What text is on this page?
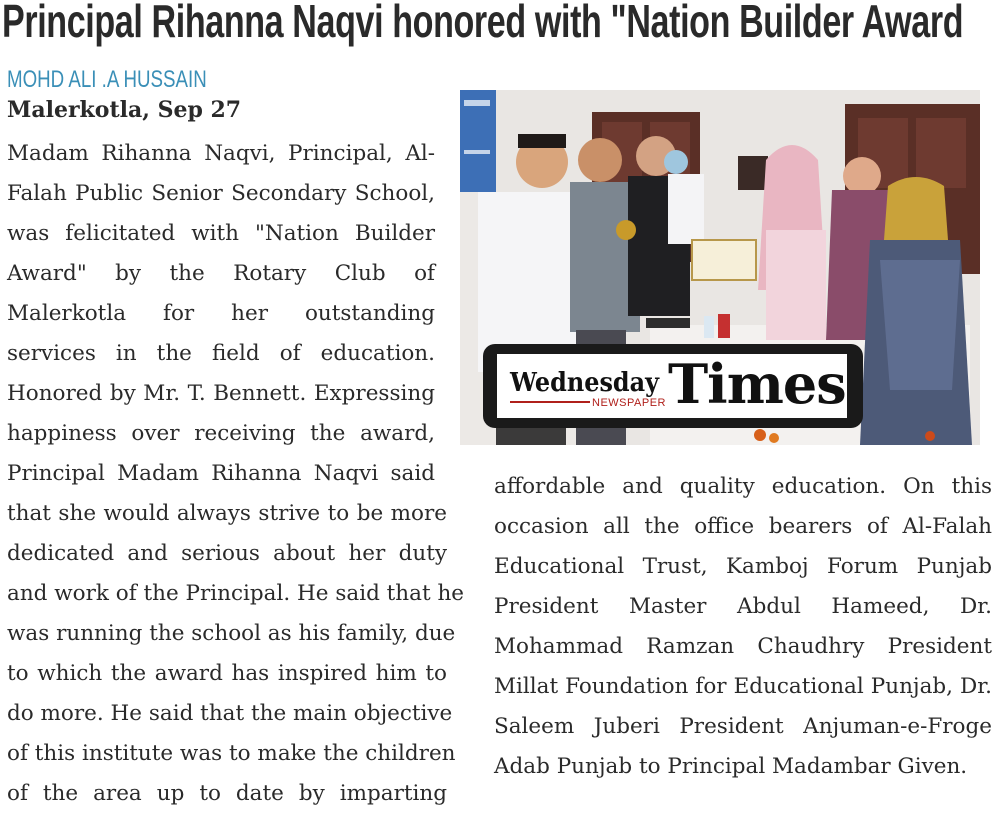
Principal Rihanna Naqvi honored with "Nation Builder Award
MOHD ALI .A HUSSAIN
Malerkotla, Sep 27
Madam Rihanna Naqvi, Principal, Al-
Falah Public Senior Secondary School,
was felicitated with "Nation Builder
Award" by the Rotary Club of
Malerkotla for her outstanding
services in the field of education.
Honored by Mr. T. Bennett. Expressing
happiness over receiving the award,
Principal Madam Rihanna Naqvi said
that she would always strive to be more
dedicated and serious about her duty
and work of the Principal. He said that he
was running the school as his family, due
to which the award has inspired him to
do more. He said that the main objective
of this institute was to make the children
of the area up to date by imparting
Wednesday
NEWSPAPER Times
affordable and quality education. On this
occasion all the office bearers of Al-Falah
Educational Trust, Kamboj Forum Punjab
President Master Abdul Hameed, Dr.
Mohammad Ramzan Chaudhry President
Millat Foundation for Educational Punjab, Dr.
Saleem Juberi President Anjuman-e-Froge
Adab Punjab to Principal Madambar Given.
